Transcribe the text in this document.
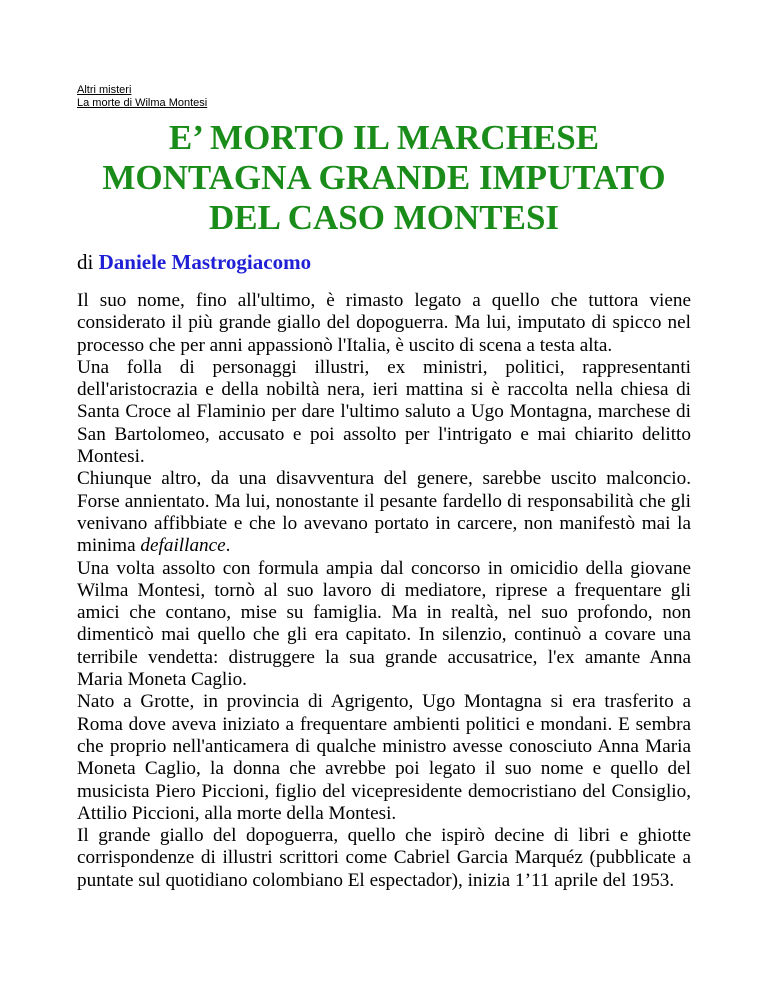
Altri misteri
La morte di Wilma Montesi
E’ MORTO IL MARCHESE MONTAGNA GRANDE IMPUTATO DEL CASO MONTESI
di Daniele Mastrogiacomo

Il suo nome, fino all'ultimo, è rimasto legato a quello che tuttora viene considerato il più grande giallo del dopoguerra. Ma lui, imputato di spicco nel processo che per anni appassionò l'Italia, è uscito di scena a testa alta.

Una folla di personaggi illustri, ex ministri, politici, rappresentanti dell'aristocrazia e della nobiltà nera, ieri mattina si è raccolta nella chiesa di Santa Croce al Flaminio per dare l'ultimo saluto a Ugo Montagna, marchese di San Bartolomeo, accusato e poi assolto per l'intrigato e mai chiarito delitto Montesi.

Chiunque altro, da una disavventura del genere, sarebbe uscito malconcio. Forse annientato. Ma lui, nonostante il pesante fardello di responsabilità che gli venivano affibbiate e che lo avevano portato in carcere, non manifestò mai la minima defaillance.

Una volta assolto con formula ampia dal concorso in omicidio della giovane Wilma Montesi, tornò al suo lavoro di mediatore, riprese a frequentare gli amici che contano, mise su famiglia. Ma in realtà, nel suo profondo, non dimenticò mai quello che gli era capitato. In silenzio, continuò a covare una terribile vendetta: distruggere la sua grande accusatrice, l'ex amante Anna Maria Moneta Caglio.

Nato a Grotte, in provincia di Agrigento, Ugo Montagna si era trasferito a Roma dove aveva iniziato a frequentare ambienti politici e mondani. E sembra che proprio nell'anticamera di qualche ministro avesse conosciuto Anna Maria Moneta Caglio, la donna che avrebbe poi legato il suo nome e quello del musicista Piero Piccioni, figlio del vicepresidente democristiano del Consiglio, Attilio Piccioni, alla morte della Montesi.

Il grande giallo del dopoguerra, quello che ispirò decine di libri e ghiotte corrispondenze di illustri scrittori come Cabriel Garcia Marquéz (pubblicate a puntate sul quotidiano colombiano El espectador), inizia 1’11 aprile del 1953.
